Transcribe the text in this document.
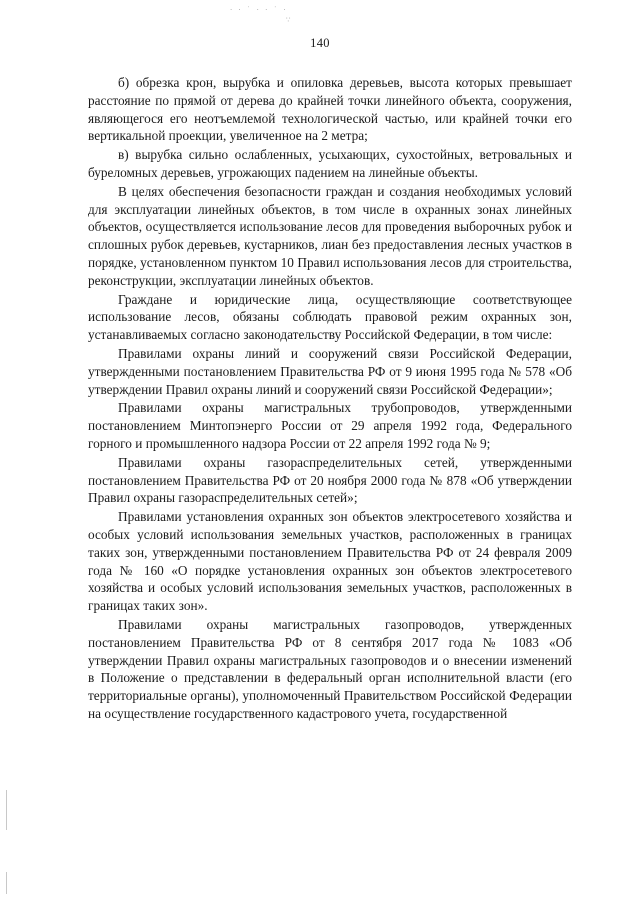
· · ˙ · · ˙ ·
∵
140

б) обрезка крон, вырубка и опиловка деревьев, высота которых превышает расстояние по прямой от дерева до крайней точки линейного объекта, сооружения, являющегося его неотъемлемой технологической частью, или крайней точки его вертикальной проекции, увеличенное на 2 метра;

в) вырубка сильно ослабленных, усыхающих, сухостойных, ветровальных и буреломных деревьев, угрожающих падением на линейные объекты.

В целях обеспечения безопасности граждан и создания необходимых условий для эксплуатации линейных объектов, в том числе в охранных зонах линейных объектов, осуществляется использование лесов для проведения выборочных рубок и сплошных рубок деревьев, кустарников, лиан без предоставления лесных участков в порядке, установленном пунктом 10 Правил использования лесов для строительства, реконструкции, эксплуатации линейных объектов.

Граждане и юридические лица, осуществляющие соответствующее использование лесов, обязаны соблюдать правовой режим охранных зон, устанавливаемых согласно законодательству Российской Федерации, в том числе:

Правилами охраны линий и сооружений связи Российской Федерации, утвержденными постановлением Правительства РФ от 9 июня 1995 года № 578 «Об утверждении Правил охраны линий и сооружений связи Российской Федерации»;

Правилами охраны магистральных трубопроводов, утвержденными постановлением Минтопэнерго России от 29 апреля 1992 года, Федерального горного и промышленного надзора России от 22 апреля 1992 года № 9;

Правилами охраны газораспределительных сетей, утвержденными постановлением Правительства РФ от 20 ноября 2000 года № 878 «Об утверждении Правил охраны газораспределительных сетей»;

Правилами установления охранных зон объектов электросетевого хозяйства и особых условий использования земельных участков, расположенных в границах таких зон, утвержденными постановлением Правительства РФ от 24 февраля 2009 года № 160 «О порядке установления охранных зон объектов электросетевого хозяйства и особых условий использования земельных участков, расположенных в границах таких зон».

Правилами охраны магистральных газопроводов, утвержденных постановлением Правительства РФ от 8 сентября 2017 года № 1083 «Об утверждении Правил охраны магистральных газопроводов и о внесении изменений в Положение о представлении в федеральный орган исполнительной власти (его территориальные органы), уполномоченный Правительством Российской Федерации на осуществление государственного кадастрового учета, государственной
